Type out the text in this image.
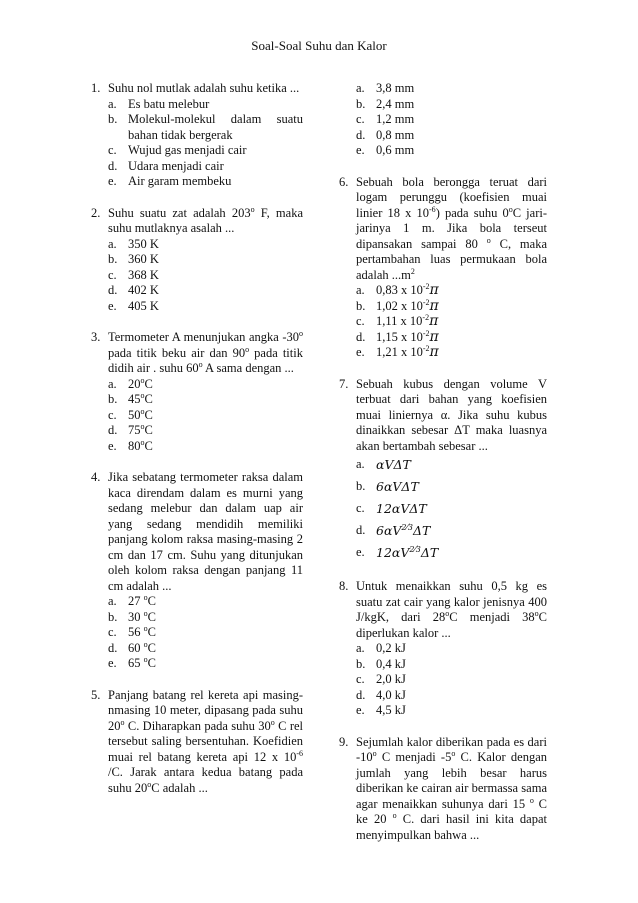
Soal-Soal Suhu dan Kalor
1. Suhu nol mutlak adalah suhu ketika ...
a. Es batu melebur
b. Molekul-molekul dalam suatu bahan tidak bergerak
c. Wujud gas menjadi cair
d. Udara menjadi cair
e. Air garam membeku
2. Suhu suatu zat adalah 203$^o$ F, maka suhu mutlaknya asalah ...
a. 350 K
b. 360 K
c. 368 K
d. 402 K
e. 405 K
3. Termometer A menunjukan angka -30$^o$ pada titik beku air dan 90$^o$ pada titik didih air . suhu 60$^o$ A sama dengan ...
a. 20$^o$C
b. 45$^o$C
c. 50$^o$C
d. 75$^o$C
e. 80$^o$C
4. Jika sebatang termometer raksa dalam kaca direndam dalam es murni yang sedang melebur dan dalam uap air yang sedang mendidih memiliki panjang kolom raksa masing-masing 2 cm dan 17 cm. Suhu yang ditunjukan oleh kolom raksa dengan panjang 11 cm adalah ...
a. 27 $^o$C
b. 30 $^o$C
c. 56 $^o$C
d. 60 $^o$C
e. 65 $^o$C
5. Panjang batang rel kereta api masing-nmasing 10 meter, dipasang pada suhu 20$^o$ C. Diharapkan pada suhu 30$^o$ C rel tersebut saling bersentuhan. Koefidien muai rel batang kereta api 12 x $10^{-6}$ /C. Jarak antara kedua batang pada suhu 20$^o$C adalah ...
a. 3,8 mm
b. 2,4 mm
c. 1,2 mm
d. 0,8 mm
e. 0,6 mm
6. Sebuah bola berongga teruat dari logam perunggu (koefisien muai linier 18 x $10^{-6}$) pada suhu 0$^o$C jari-jarinya 1 m. Jika bola terseut dipansakan sampai 80 $^o$ C, maka pertambahan luas permukaan bola adalah $...m^2$
a. 0,83 x $10^{-2}\pi$
b. 1,02 x $10^{-2}\pi$
c. 1,11 x $10^{-2}\pi$
d. 1,15 x $10^{-2}\pi$
e. 1,21 x $10^{-2}\pi$
7. Sebuah kubus dengan volume V terbuat dari bahan yang koefisien muai liniernya α. Jika suhu kubus dinaikkan sebesar ΔT maka luasnya akan bertambah sebesar ...
a. αVΔT
b. 6αVΔT
c. 12αVΔT
d. $6\alpha V^{2⁄3}\Delta T$
e. $12\alpha V^{2⁄3}\Delta T$
8. Untuk menaikkan suhu 0,5 kg es suatu zat cair yang kalor jenisnya 400 J/kgK, dari 28$^o$C menjadi 38$^o$C diperlukan kalor ...
a. 0,2 kJ
b. 0,4 kJ
c. 2,0 kJ
d. 4,0 kJ
e. 4,5 kJ
9. Sejumlah kalor diberikan pada es dari -10$^o$ C menjadi -5$^o$ C. Kalor dengan jumlah yang lebih besar harus diberikan ke cairan air bermassa sama agar menaikkan suhunya dari 15 $^o$ C ke 20 $^o$ C. dari hasil ini kita dapat menyimpulkan bahwa ...
